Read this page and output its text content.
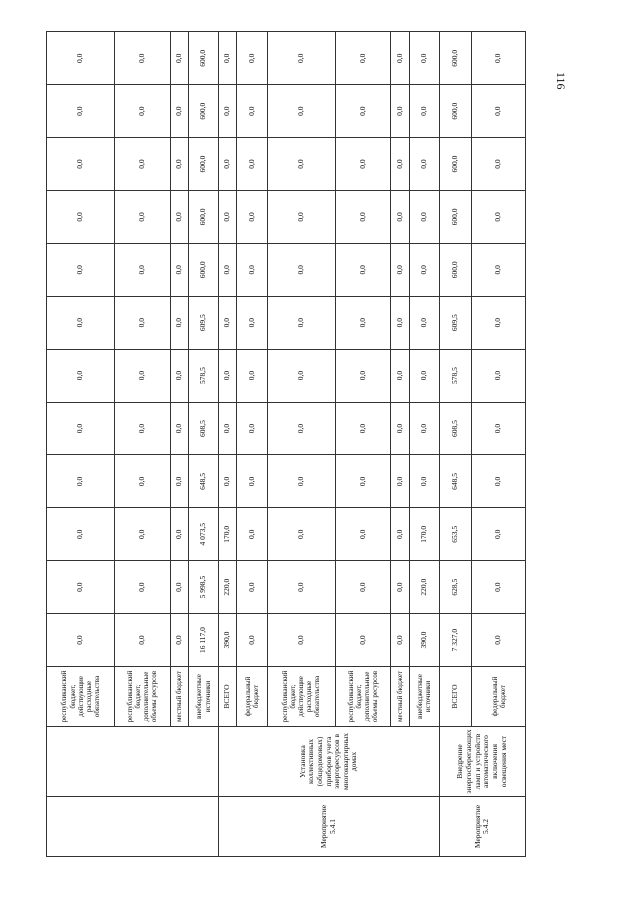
116
		республиканский бюджет, действующие расходные обязательства	0,0	0,0	0,0	0,0	0,0	0,0	0,0	0,0	0,0	0,0	0,0	0,0
		республиканский бюджет, дополнительные объемы ресурсов	0,0	0,0	0,0	0,0	0,0	0,0	0,0	0,0	0,0	0,0	0,0	0,0
		местный бюджет	0,0	0,0	0,0	0,0	0,0	0,0	0,0	0,0	0,0	0,0	0,0	0,0
		внебюджетные источники	16 117,0	5 998,5	4 073,5	648,5	608,5	578,5	609,5	600,0	600,0	600,0	600,0	600,0
Мероприятие 5.4.1	Установка коллективных (общедомовых) приборов учета энергоресурсов в многоквартирных домах	ВСЕГО	390,0	220,0	170,0	0,0	0,0	0,0	0,0	0,0	0,0	0,0	0,0	0,0
		федеральный бюджет	0,0	0,0	0,0	0,0	0,0	0,0	0,0	0,0	0,0	0,0	0,0	0,0
		республиканский бюджет, действующие расходные обязательства	0,0	0,0	0,0	0,0	0,0	0,0	0,0	0,0	0,0	0,0	0,0	0,0
		республиканский бюджет, дополнительные объемы ресурсов	0,0	0,0	0,0	0,0	0,0	0,0	0,0	0,0	0,0	0,0	0,0	0,0
		местный бюджет	0,0	0,0	0,0	0,0	0,0	0,0	0,0	0,0	0,0	0,0	0,0	0,0
		внебюджетные источники	390,0	220,0	170,0	0,0	0,0	0,0	0,0	0,0	0,0	0,0	0,0	0,0
Мероприятие 5.4.2	Внедрение энергосберегающих ламп и устройств автоматического включения освещения мест	ВСЕГО	7 327,0	628,5	653,5	648,5	608,5	578,5	609,5	600,0	600,0	600,0	600,0	600,0
		федеральный бюджет	0,0	0,0	0,0	0,0	0,0	0,0	0,0	0,0	0,0	0,0	0,0	0,0
